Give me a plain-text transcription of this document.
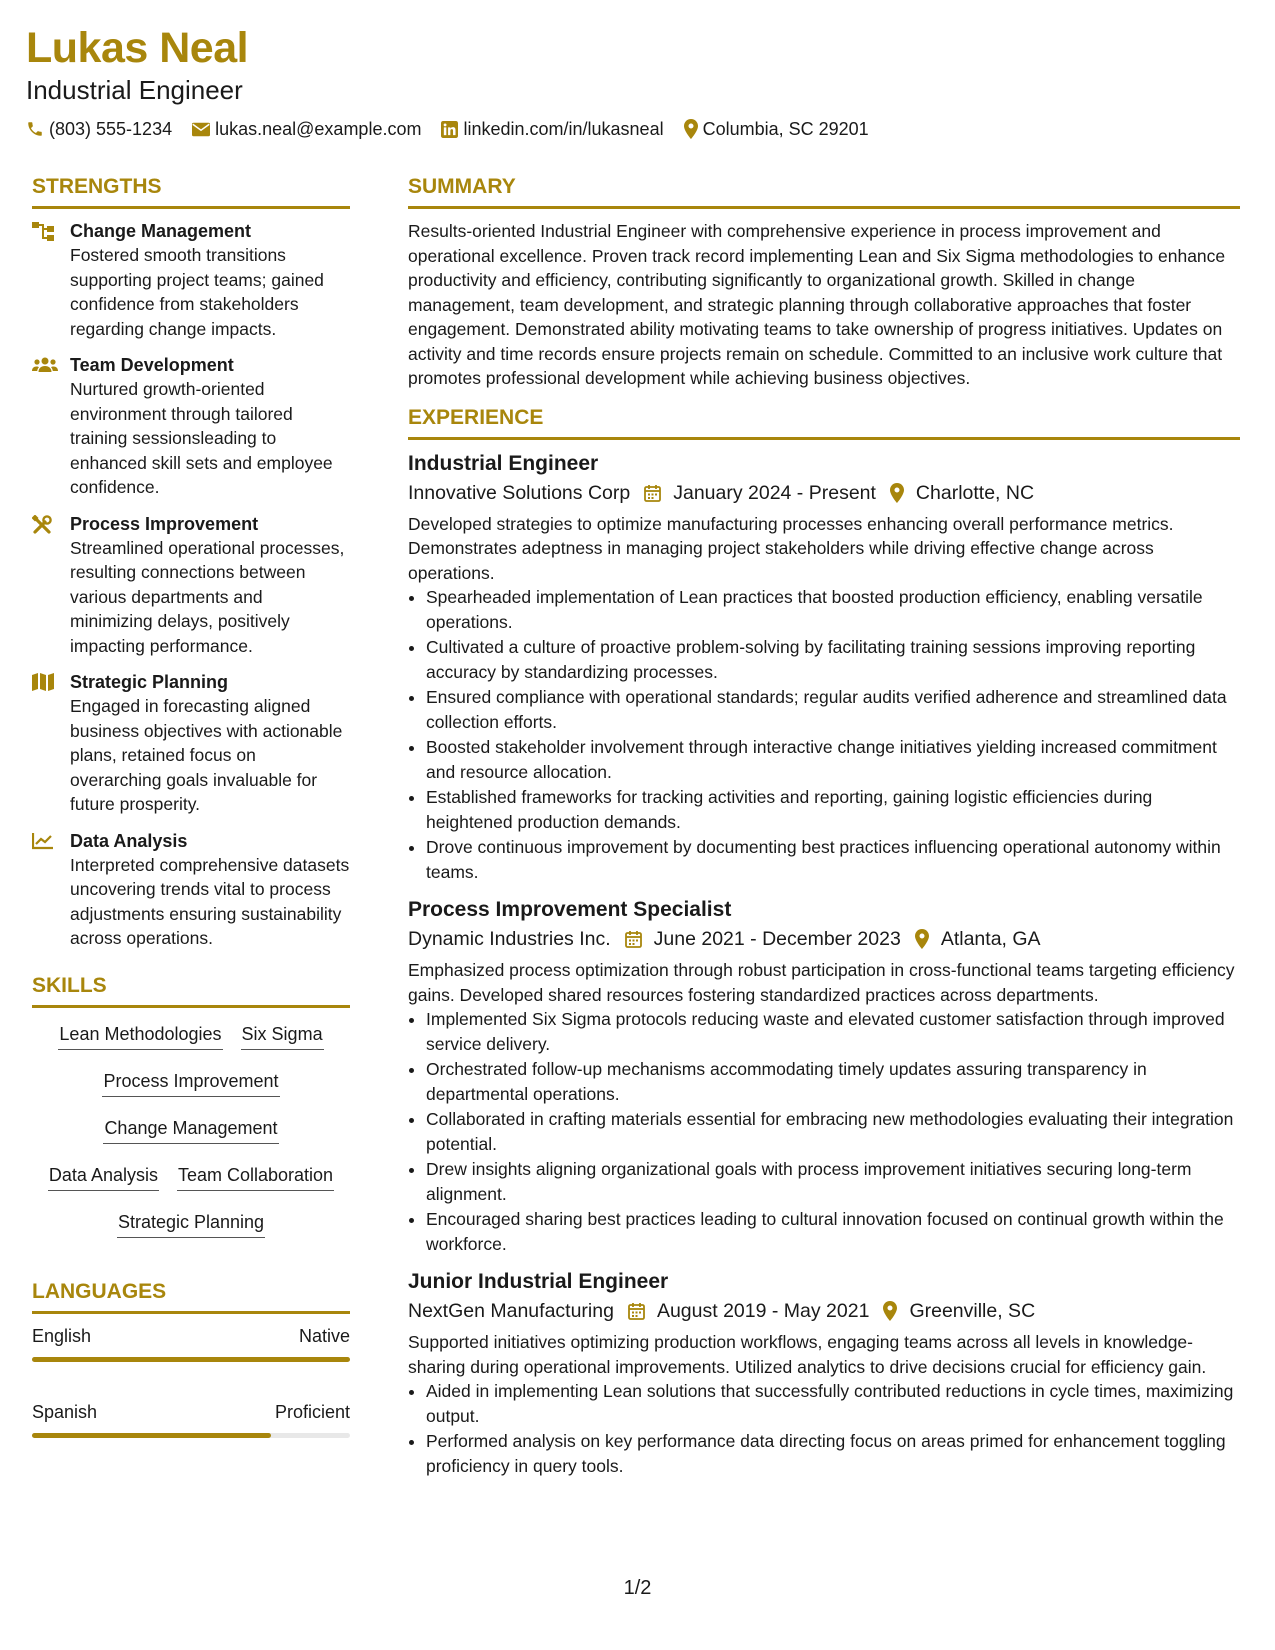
Lukas Neal
Industrial Engineer
(803) 555-1234 lukas.neal@example.com linkedin.com/in/lukasneal Columbia, SC 29201
STRENGTHS
Change Management
Fostered smooth transitions supporting project teams; gained confidence from stakeholders regarding change impacts.
Team Development
Nurtured growth-oriented environment through tailored training sessionsleading to enhanced skill sets and employee confidence.
Process Improvement
Streamlined operational processes, resulting connections between various departments and minimizing delays, positively impacting performance.
Strategic Planning
Engaged in forecasting aligned business objectives with actionable plans, retained focus on overarching goals invaluable for future prosperity.
Data Analysis
Interpreted comprehensive datasets uncovering trends vital to process adjustments ensuring sustainability across operations.
SKILLS
Lean Methodologies Six Sigma
Process Improvement
Change Management
Data Analysis Team Collaboration
Strategic Planning
LANGUAGES
English	Native
Spanish	Proficient
SUMMARY
Results-oriented Industrial Engineer with comprehensive experience in process improvement and operational excellence. Proven track record implementing Lean and Six Sigma methodologies to enhance productivity and efficiency, contributing significantly to organizational growth. Skilled in change management, team development, and strategic planning through collaborative approaches that foster engagement. Demonstrated ability motivating teams to take ownership of progress initiatives. Updates on activity and time records ensure projects remain on schedule. Committed to an inclusive work culture that promotes professional development while achieving business objectives.
EXPERIENCE
Industrial Engineer
Innovative Solutions Corp January 2024 - Present Charlotte, NC
Developed strategies to optimize manufacturing processes enhancing overall performance metrics. Demonstrates adeptness in managing project stakeholders while driving effective change across operations.
• Spearheaded implementation of Lean practices that boosted production efficiency, enabling versatile operations.
• Cultivated a culture of proactive problem-solving by facilitating training sessions improving reporting accuracy by standardizing processes.
• Ensured compliance with operational standards; regular audits verified adherence and streamlined data collection efforts.
• Boosted stakeholder involvement through interactive change initiatives yielding increased commitment and resource allocation.
• Established frameworks for tracking activities and reporting, gaining logistic efficiencies during heightened production demands.
• Drove continuous improvement by documenting best practices influencing operational autonomy within teams.
Process Improvement Specialist
Dynamic Industries Inc. June 2021 - December 2023 Atlanta, GA
Emphasized process optimization through robust participation in cross-functional teams targeting efficiency gains. Developed shared resources fostering standardized practices across departments.
• Implemented Six Sigma protocols reducing waste and elevated customer satisfaction through improved service delivery.
• Orchestrated follow-up mechanisms accommodating timely updates assuring transparency in departmental operations.
• Collaborated in crafting materials essential for embracing new methodologies evaluating their integration potential.
• Drew insights aligning organizational goals with process improvement initiatives securing long-term alignment.
• Encouraged sharing best practices leading to cultural innovation focused on continual growth within the workforce.
Junior Industrial Engineer
NextGen Manufacturing August 2019 - May 2021 Greenville, SC
Supported initiatives optimizing production workflows, engaging teams across all levels in knowledge-sharing during operational improvements. Utilized analytics to drive decisions crucial for efficiency gain.
• Aided in implementing Lean solutions that successfully contributed reductions in cycle times, maximizing output.
• Performed analysis on key performance data directing focus on areas primed for enhancement toggling proficiency in query tools.
1/2
